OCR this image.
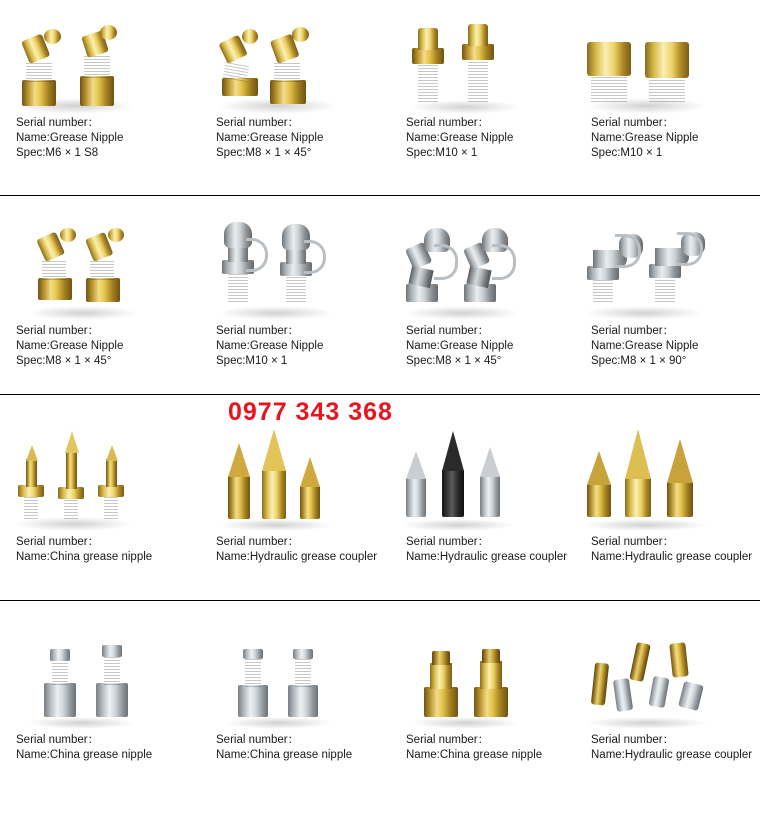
Serial number：
Name:Grease Nipple
Spec:M6 × 1 S8
Serial number：
Name:Grease Nipple
Spec:M8 × 1 × 45°
Serial number：
Name:Grease Nipple
Spec:M10 × 1
Serial number：
Name:Grease Nipple
Spec:M10 × 1
Serial number：
Name:Grease Nipple
Spec:M8 × 1 × 45°
Serial number：
Name:Grease Nipple
Spec:M10 × 1
Serial number：
Name:Grease Nipple
Spec:M8 × 1 × 45°
Serial number：
Name:Grease Nipple
Spec:M8 × 1 × 90°
Serial number：
Name:China grease nipple
Serial number：
Name:Hydraulic grease coupler
Serial number：
Name:Hydraulic grease coupler
Serial number：
Name:Hydraulic grease coupler
Serial number：
Name:China grease nipple
Serial number：
Name:China grease nipple
Serial number：
Name:China grease nipple
Serial number：
Name:Hydraulic grease coupler
0977 343 368
